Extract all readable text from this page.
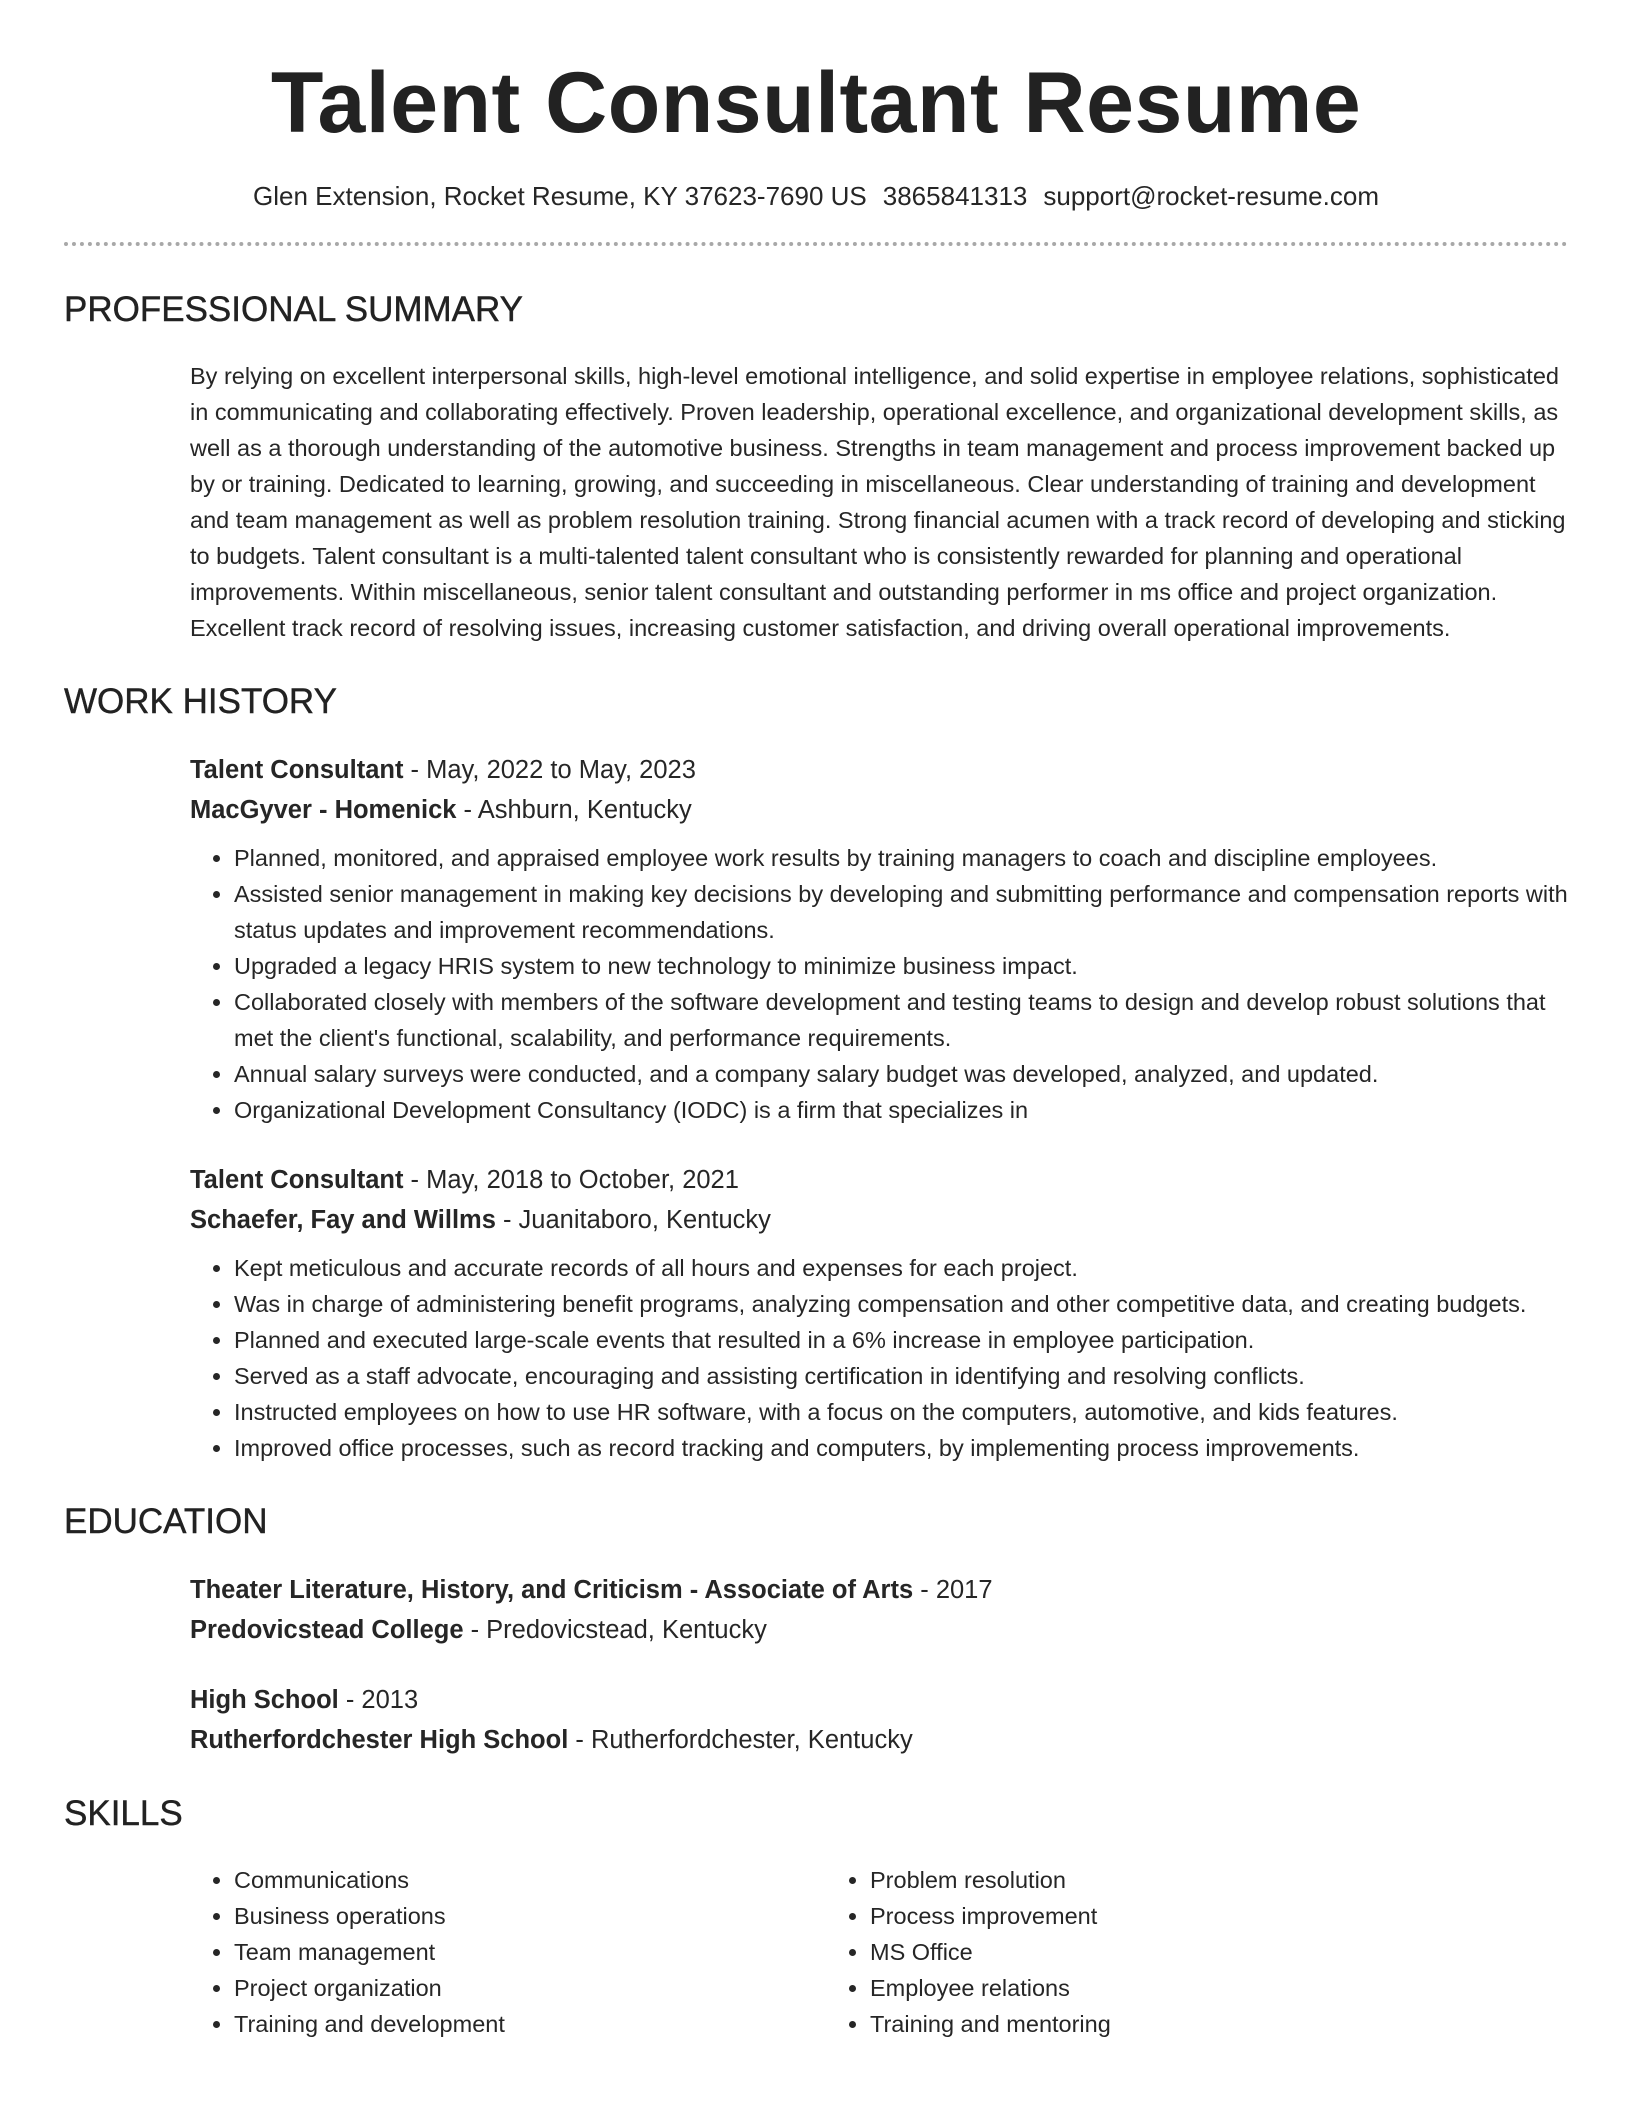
Talent Consultant Resume
Glen Extension, Rocket Resume, KY 37623-7690 US 3865841313 support@rocket-resume.com
PROFESSIONAL SUMMARY

By relying on excellent interpersonal skills, high-level emotional intelligence, and solid expertise in employee relations, sophisticated in communicating and collaborating effectively. Proven leadership, operational excellence, and organizational development skills, as well as a thorough understanding of the automotive business. Strengths in team management and process improvement backed up by or training. Dedicated to learning, growing, and succeeding in miscellaneous. Clear understanding of training and development and team management as well as problem resolution training. Strong financial acumen with a track record of developing and sticking to budgets. Talent consultant is a multi-talented talent consultant who is consistently rewarded for planning and operational improvements. Within miscellaneous, senior talent consultant and outstanding performer in ms office and project organization. Excellent track record of resolving issues, increasing customer satisfaction, and driving overall operational improvements.

WORK HISTORY
Talent Consultant - May, 2022 to May, 2023
MacGyver - Homenick - Ashburn, Kentucky
• Planned, monitored, and appraised employee work results by training managers to coach and discipline employees.
• Assisted senior management in making key decisions by developing and submitting performance and compensation reports with status updates and improvement recommendations.
• Upgraded a legacy HRIS system to new technology to minimize business impact.
• Collaborated closely with members of the software development and testing teams to design and develop robust solutions that met the client's functional, scalability, and performance requirements.
• Annual salary surveys were conducted, and a company salary budget was developed, analyzed, and updated.
• Organizational Development Consultancy (IODC) is a firm that specializes in
Talent Consultant - May, 2018 to October, 2021
Schaefer, Fay and Willms - Juanitaboro, Kentucky
• Kept meticulous and accurate records of all hours and expenses for each project.
• Was in charge of administering benefit programs, analyzing compensation and other competitive data, and creating budgets.
• Planned and executed large-scale events that resulted in a 6% increase in employee participation.
• Served as a staff advocate, encouraging and assisting certification in identifying and resolving conflicts.
• Instructed employees on how to use HR software, with a focus on the computers, automotive, and kids features.
• Improved office processes, such as record tracking and computers, by implementing process improvements.
EDUCATION
Theater Literature, History, and Criticism - Associate of Arts - 2017
Predovicstead College - Predovicstead, Kentucky
High School - 2013
Rutherfordchester High School - Rutherfordchester, Kentucky
SKILLS
• Communications
• Business operations
• Team management
• Project organization
• Training and development
• Problem resolution
• Process improvement
• MS Office
• Employee relations
• Training and mentoring
